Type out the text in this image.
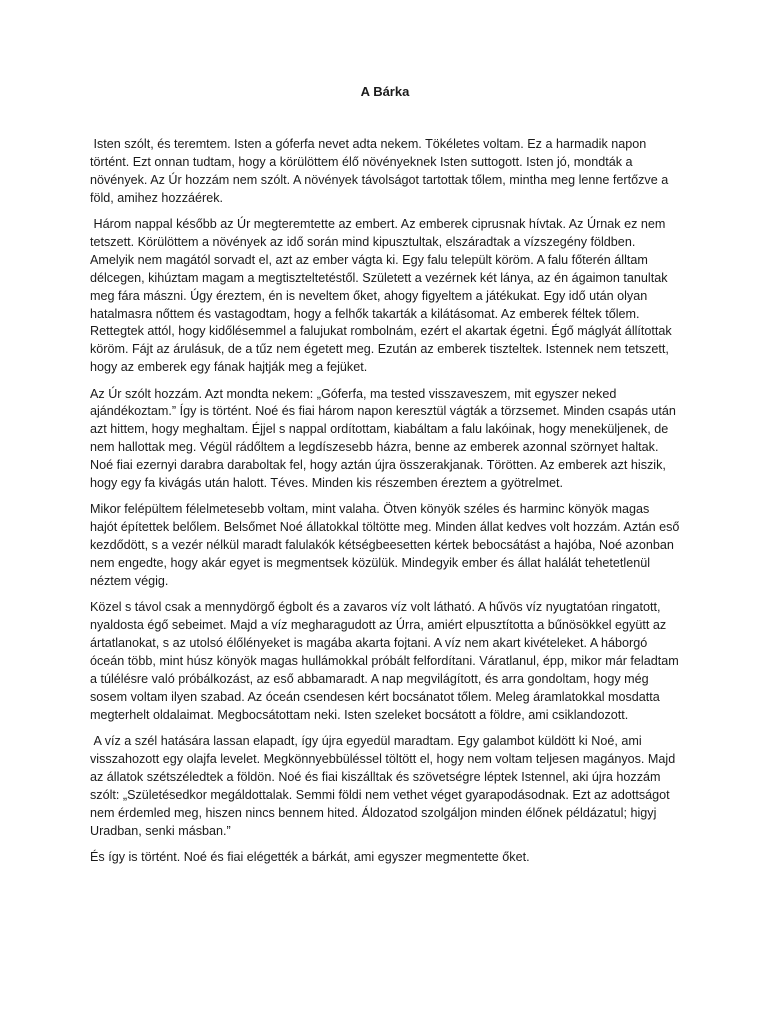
A Bárka

Isten szólt, és teremtem. Isten a góferfa nevet adta nekem. Tökéletes voltam. Ez a harmadik napon történt. Ezt onnan tudtam, hogy a körülöttem élő növényeknek Isten suttogott. Isten jó, mondták a növények. Az Úr hozzám nem szólt. A növények távolságot tartottak tőlem, mintha meg lenne fertőzve a föld, amihez hozzáérek.

Három nappal később az Úr megteremtette az embert. Az emberek ciprusnak hívtak. Az Úrnak ez nem tetszett. Körülöttem a növények az idő során mind kipusztultak, elszáradtak a vízszegény földben. Amelyik nem magától sorvadt el, azt az ember vágta ki. Egy falu települt köröm. A falu főterén álltam délcegen, kihúztam magam a megtiszteltetéstől. Született a vezérnek két lánya, az én ágaimon tanultak meg fára mászni. Úgy éreztem, én is neveltem őket, ahogy figyeltem a játékukat. Egy idő után olyan hatalmasra nőttem és vastagodtam, hogy a felhők takarták a kilátásomat. Az emberek féltek tőlem. Rettegtek attól, hogy kidőlésemmel a falujukat rombolnám, ezért el akartak égetni. Égő máglyát állítottak köröm. Fájt az árulásuk, de a tűz nem égetett meg. Ezután az emberek tiszteltek. Istennek nem tetszett, hogy az emberek egy fának hajtják meg a fejüket.

Az Úr szólt hozzám. Azt mondta nekem: „Góferfa, ma tested visszaveszem, mit egyszer neked ajándékoztam.” Így is történt. Noé és fiai három napon keresztül vágták a törzsemet. Minden csapás után azt hittem, hogy meghaltam. Éjjel s nappal ordítottam, kiabáltam a falu lakóinak, hogy meneküljenek, de nem hallottak meg. Végül rádőltem a legdíszesebb házra, benne az emberek azonnal szörnyet haltak. Noé fiai ezernyi darabra daraboltak fel, hogy aztán újra összerakjanak. Törötten. Az emberek azt hiszik, hogy egy fa kivágás után halott. Téves. Minden kis részemben éreztem a gyötrelmet.

Mikor felépültem félelmetesebb voltam, mint valaha. Ötven könyök széles és harminc könyök magas hajót építettek belőlem. Belsőmet Noé állatokkal töltötte meg. Minden állat kedves volt hozzám. Aztán eső kezdődött, s a vezér nélkül maradt falulakók kétségbeesetten kértek bebocsátást a hajóba, Noé azonban nem engedte, hogy akár egyet is megmentsek közülük. Mindegyik ember és állat halálát tehetetlenül néztem végig.

Közel s távol csak a mennydörgő égbolt és a zavaros víz volt látható. A hűvös víz nyugtatóan ringatott, nyaldosta égő sebeimet. Majd a víz megharagudott az Úrra, amiért elpusztította a bűnösökkel együtt az ártatlanokat, s az utolsó élőlényeket is magába akarta fojtani. A víz nem akart kivételeket. A háborgó óceán több, mint húsz könyök magas hullámokkal próbált felfordítani. Váratlanul, épp, mikor már feladtam a túlélésre való próbálkozást, az eső abbamaradt. A nap megvilágított, és arra gondoltam, hogy még sosem voltam ilyen szabad. Az óceán csendesen kért bocsánatot tőlem. Meleg áramlatokkal mosdatta megterhelt oldalaimat. Megbocsátottam neki. Isten szeleket bocsátott a földre, ami csiklandozott.

A víz a szél hatására lassan elapadt, így újra egyedül maradtam. Egy galambot küldött ki Noé, ami visszahozott egy olajfa levelet. Megkönnyebbüléssel töltött el, hogy nem voltam teljesen magányos. Majd az állatok szétszéledtek a földön. Noé és fiai kiszálltak és szövetségre léptek Istennel, aki újra hozzám szólt: „Születésedkor megáldottalak. Semmi földi nem vethet véget gyarapodásodnak. Ezt az adottságot nem érdemled meg, hiszen nincs bennem hited. Áldozatod szolgáljon minden élőnek példázatul; higyj Uradban, senki másban.”

És így is történt. Noé és fiai elégették a bárkát, ami egyszer megmentette őket.
